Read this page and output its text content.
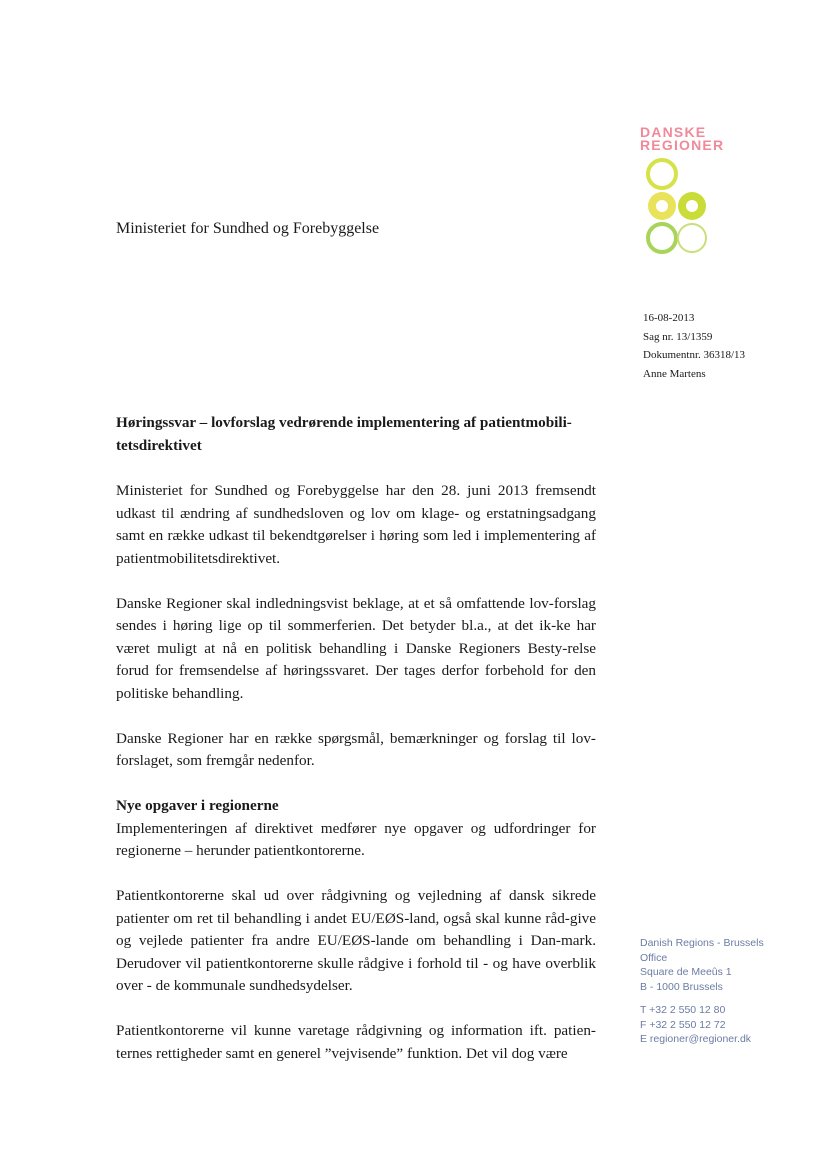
DANSKE
REGIONER
Ministeriet for Sundhed og Forebyggelse
16-08-2013
Sag nr. 13/1359
Dokumentnr. 36318/13
Anne Martens

Høringssvar – lovforslag vedrørende implementering af patientmobili-
tetsdirektivet

Ministeriet for Sundhed og Forebyggelse har den 28. juni 2013 fremsendt udkast til ændring af sundhedsloven og lov om klage- og erstatningsadgang samt en række udkast til bekendtgørelser i høring som led i implementering af patientmobilitetsdirektivet.

Danske Regioner skal indledningsvist beklage, at et så omfattende lov-forslag sendes i høring lige op til sommerferien. Det betyder bl.a., at det ik-ke har været muligt at nå en politisk behandling i Danske Regioners Besty-relse forud for fremsendelse af høringssvaret. Der tages derfor forbehold for den politiske behandling.

Danske Regioner har en række spørgsmål, bemærkninger og forslag til lov-forslaget, som fremgår nedenfor.

Nye opgaver i regionerne

Implementeringen af direktivet medfører nye opgaver og udfordringer for regionerne – herunder patientkontorerne.

Patientkontorerne skal ud over rådgivning og vejledning af dansk sikrede patienter om ret til behandling i andet EU/EØS-land, også skal kunne råd-give og vejlede patienter fra andre EU/EØS-lande om behandling i Dan-mark. Derudover vil patientkontorerne skulle rådgive i forhold til - og have overblik over - de kommunale sundhedsydelser.

Patientkontorerne vil kunne varetage rådgivning og information ift. patien-ternes rettigheder samt en generel ”vejvisende” funktion. Det vil dog være

Danish Regions - Brussels
Office
Square de Meeûs 1
B - 1000 Brussels
T +32 2 550 12 80
F +32 2 550 12 72
E regioner@regioner.dk
